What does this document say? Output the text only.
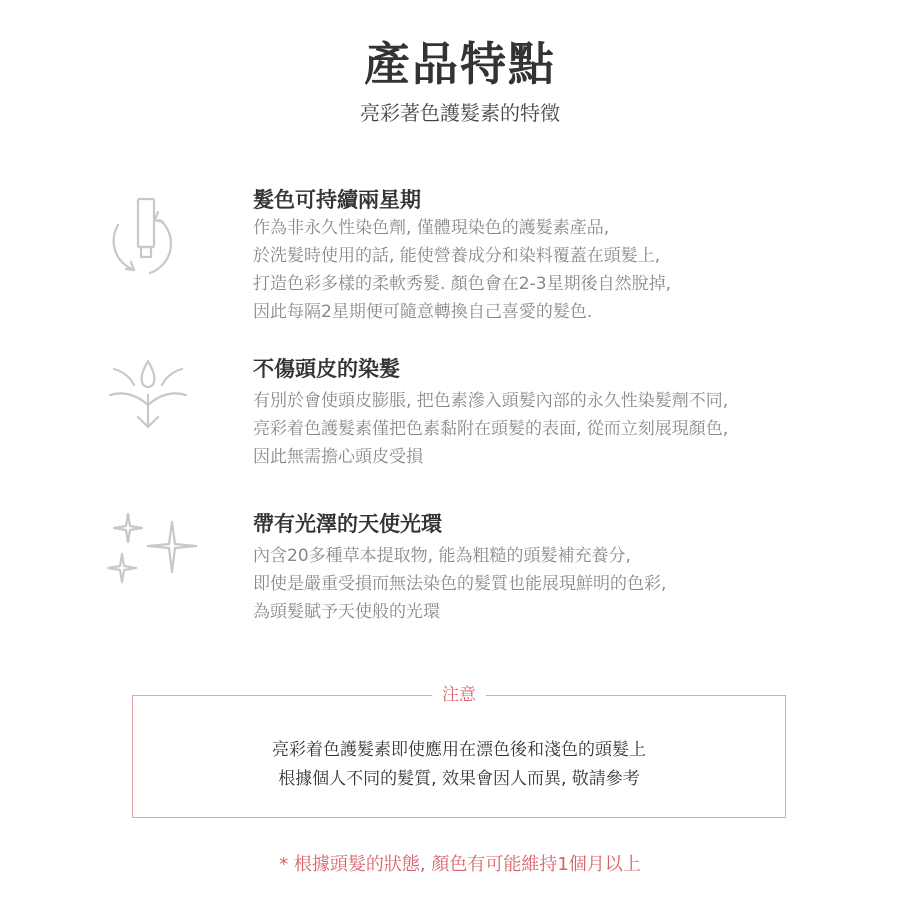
產品特點
亮彩著色護髮素的特徵
髮色可持續兩星期
作為非永久性染色劑, 僅體現染色的護髮素產品,
於洗髮時使用的話, 能使營養成分和染料覆蓋在頭髮上,
打造色彩多樣的柔軟秀髮. 顏色會在2-3星期後自然脫掉,
因此每隔2星期便可隨意轉換自己喜愛的髮色.
不傷頭皮的染髮
有別於會使頭皮膨脹, 把色素滲入頭髮內部的永久性染髮劑不同,
亮彩着色護髮素僅把色素黏附在頭髮的表面, 從而立刻展現顏色,
因此無需擔心頭皮受損
帶有光澤的天使光環
內含20多種草本提取物, 能為粗糙的頭髮補充養分,
即使是嚴重受損而無法染色的髮質也能展現鮮明的色彩,
為頭髮賦予天使般的光環
注意
亮彩着色護髮素即使應用在漂色後和淺色的頭髮上
根據個人不同的髮質, 效果會因人而異, 敬請參考
* 根據頭髮的狀態, 顏色有可能維持1個月以上
